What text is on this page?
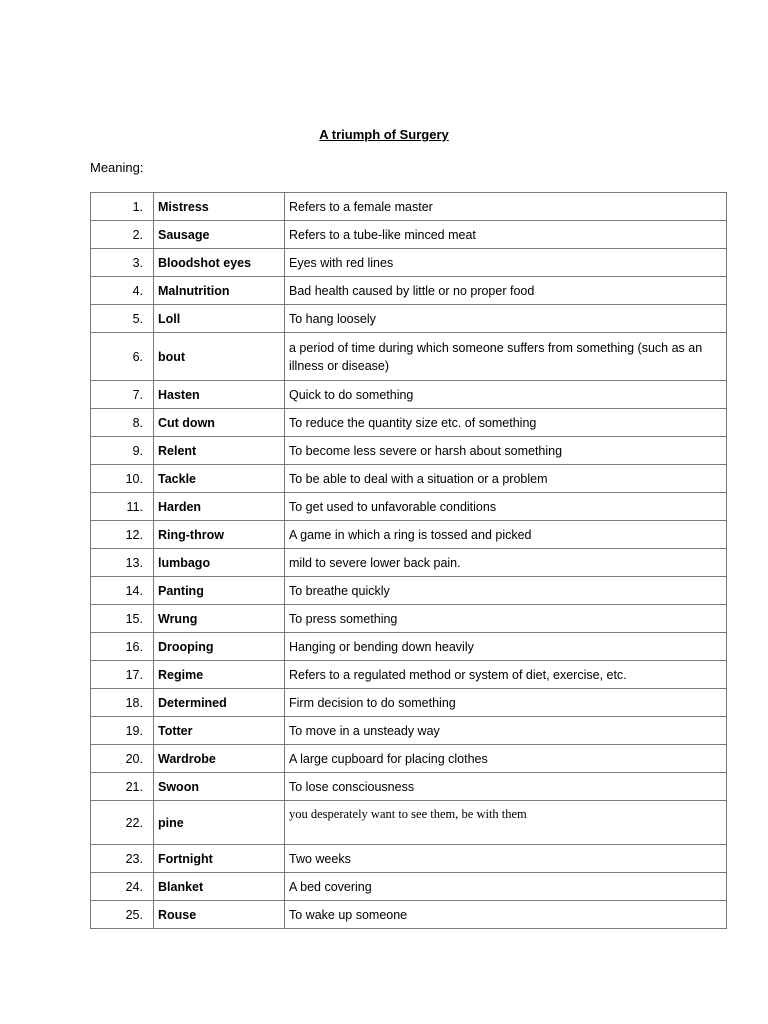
A triumph of Surgery
Meaning:
1.	Mistress	Refers to a female master
2.	Sausage	Refers to a tube-like minced meat
3.	Bloodshot eyes	Eyes with red lines
4.	Malnutrition	Bad health caused by little or no proper food
5.	Loll	To hang loosely
6.	bout	a period of time during which someone suffers from something (such as an illness or disease)
7.	Hasten	Quick to do something
8.	Cut down	To reduce the quantity size etc. of something
9.	Relent	To become less severe or harsh about something
10.	Tackle	To be able to deal with a situation or a problem
11.	Harden	To get used to unfavorable conditions
12.	Ring-throw	A game in which a ring is tossed and picked
13.	lumbago	mild to severe lower back pain.
14.	Panting	To breathe quickly
15.	Wrung	To press something
16.	Drooping	Hanging or bending down heavily
17.	Regime	Refers to a regulated method or system of diet, exercise, etc.
18.	Determined	Firm decision to do something
19.	Totter	To move in a unsteady way
20.	Wardrobe	A large cupboard for placing clothes
21.	Swoon	To lose consciousness
22.	pine	you desperately want to see them, be with them
23.	Fortnight	Two weeks
24.	Blanket	A bed covering
25.	Rouse	To wake up someone
